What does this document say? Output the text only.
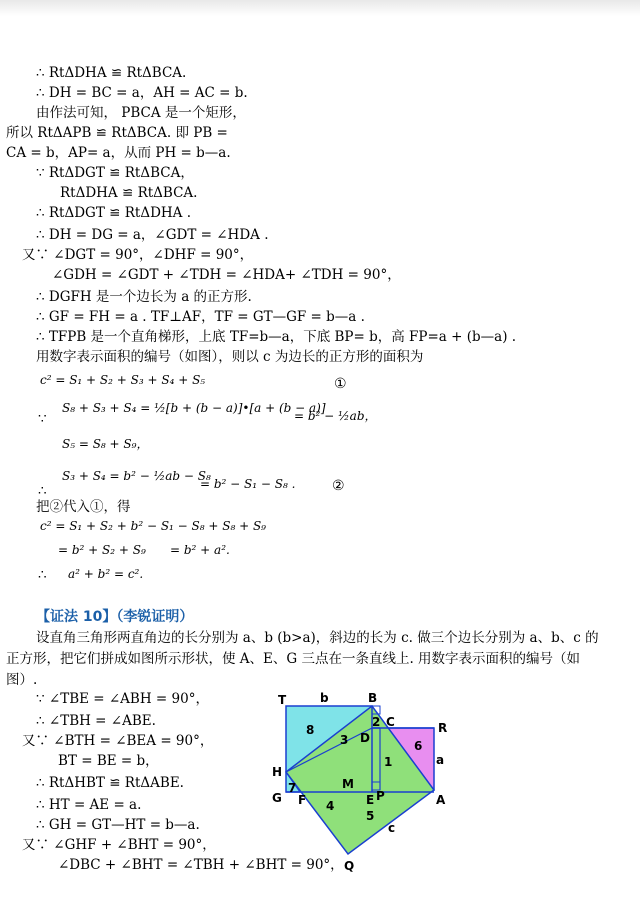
∴ RtΔDHA ≌ RtΔBCA.
∴ DH = BC = a，AH = AC = b.
由作法可知， PBCA 是一个矩形，
所以 RtΔAPB ≌ RtΔBCA. 即 PB =
CA = b，AP= a，从而 PH = b—a.
∵ RtΔDGT ≌ RtΔBCA，
RtΔDHA ≌ RtΔBCA.
∴ RtΔDGT ≌ RtΔDHA .
∴ DH = DG = a，∠GDT = ∠HDA .
又∵ ∠DGT = 90°，∠DHF = 90°，
∠GDH = ∠GDT + ∠TDH = ∠HDA+ ∠TDH = 90°，
∴ DGFH 是一个边长为 a 的正方形.
∴ GF = FH = a . TF⊥AF，TF = GT—GF = b—a .
∴ TFPB 是一个直角梯形，上底 TF=b—a，下底 BP= b，高 FP=a + (b—a) .
用数字表示面积的编号（如图），则以 c 为边长的正方形的面积为
c² = S₁ + S₂ + S₃ + S₄ + S₅	①
∵
S₈ + S₃ + S₄ = ½[b + (b − a)]•[a + (b − a)]
= b² − ½ab，
S₅ = S₈ + S₉，
∴
S₃ + S₄ = b² − ½ab − S₈
= b² − S₁ − S₈ .	②
把②代入①，得
c² = S₁ + S₂ + b² − S₁ − S₈ + S₈ + S₉
= b² + S₂ + S₉ = b² + a².
∴ a² + b² = c².
【证法 10】（李锐证明）
设直角三角形两直角边的长分别为 a、b (b>a)，斜边的长为 c. 做三个边长分别为 a、b、c 的正方形，把它们拼成如图所示形状，使 A、E、G 三点在一条直线上. 用数字表示面积的编号（如图）.
∵ ∠TBE = ∠ABH = 90°，
∴ ∠TBH = ∠ABE.
又∵ ∠BTH = ∠BEA = 90°，
BT = BE = b，
∴ RtΔHBT ≌ RtΔABE.
∴ HT = AE = a.
∴ GH = GT—HT = b—a.
又∵ ∠GHF + ∠BHT = 90°，
∠DBC + ∠BHT = ∠TBH + ∠BHT = 90°，
T	B
C	R
D
H
G F
M
E	A
Q
P
b
a
c
1
2
3
4
5
6
7
8
